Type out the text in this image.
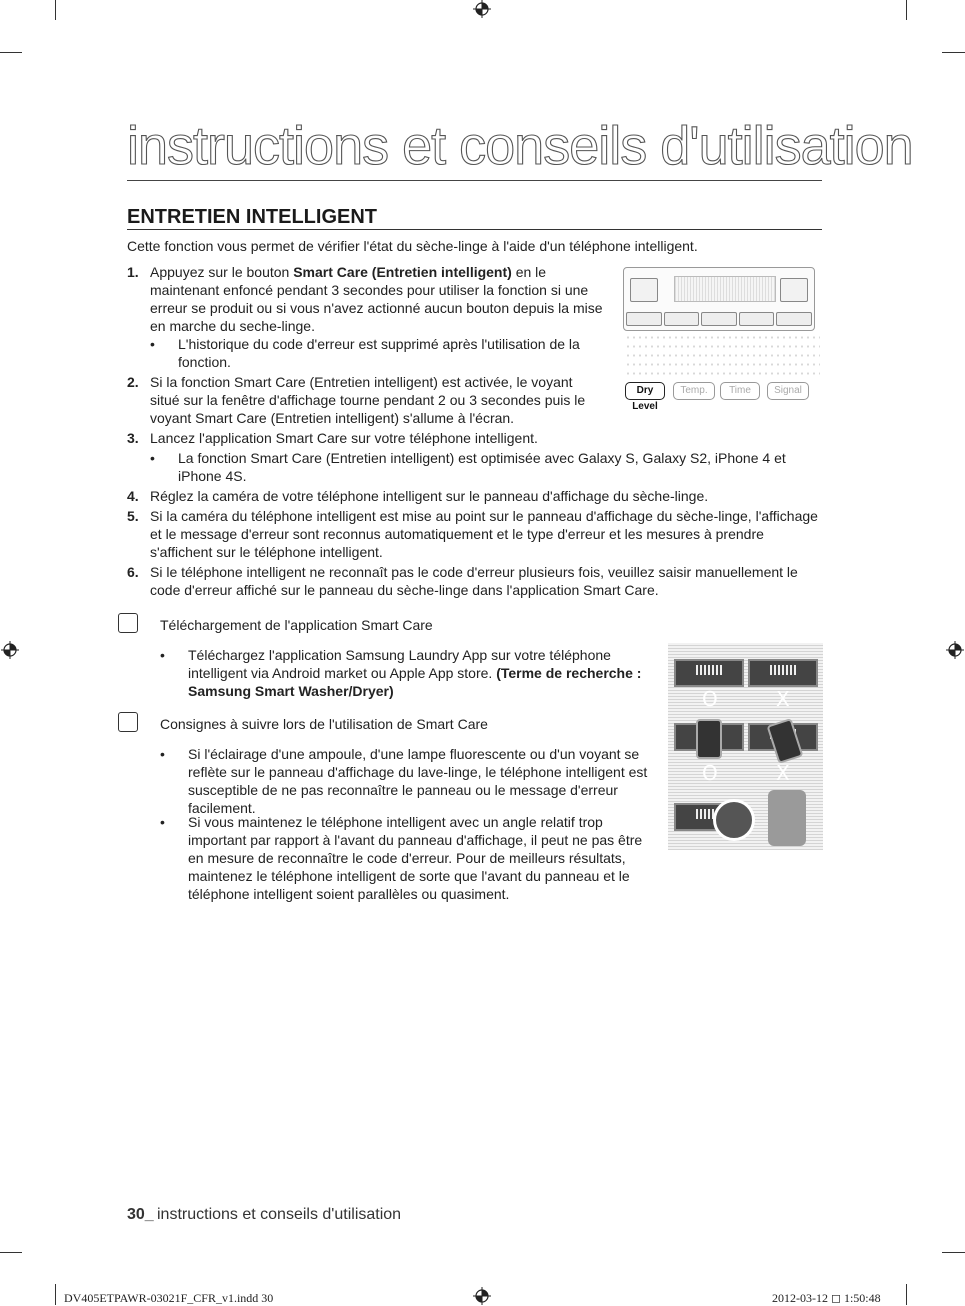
instructions et conseils d'utilisation
ENTRETIEN INTELLIGENT
Cette fonction vous permet de vérifier l'état du sèche-linge à l'aide d'un téléphone intelligent.
1. Appuyez sur le bouton Smart Care (Entretien intelligent) en le maintenant enfoncé pendant 3 secondes pour utiliser la fonction si une erreur se produit ou si vous n'avez actionné aucun bouton depuis la mise en marche du seche-linge.
• L'historique du code d'erreur est supprimé après l'utilisation de la fonction.
2. Si la fonction Smart Care (Entretien intelligent) est activée, le voyant situé sur la fenêtre d'affichage tourne pendant 2 ou 3 secondes puis le voyant Smart Care (Entretien intelligent) s'allume à l'écran.
3. Lancez l'application Smart Care sur votre téléphone intelligent.
• La fonction Smart Care (Entretien intelligent) est optimisée avec Galaxy S, Galaxy S2, iPhone 4 et iPhone 4S.
4. Réglez la caméra de votre téléphone intelligent sur le panneau d'affichage du sèche-linge.
5. Si la caméra du téléphone intelligent est mise au point sur le panneau d'affichage du sèche-linge, l'affichage et le message d'erreur sont reconnus automatiquement et le type d'erreur et les mesures à prendre s'affichent sur le téléphone intelligent.
6. Si le téléphone intelligent ne reconnaît pas le code d'erreur plusieurs fois, veuillez saisir manuellement le code d'erreur affiché sur le panneau du sèche-linge dans l'application Smart Care.
Dry Level
Temp.	Time	Signal
Téléchargement de l'application Smart Care
• Téléchargez l'application Samsung Laundry App sur votre téléphone intelligent via Android market ou Apple App store. (Terme de recherche : Samsung Smart Washer/Dryer)
Consignes à suivre lors de l'utilisation de Smart Care
• Si l'éclairage d'une ampoule, d'une lampe fluorescente ou d'un voyant se reflète sur le panneau d'affichage du lave-linge, le téléphone intelligent est susceptible de ne pas reconnaître le panneau ou le message d'erreur facilement.
• Si vous maintenez le téléphone intelligent avec un angle relatif trop important par rapport à l'avant du panneau d'affichage, il peut ne pas être en mesure de reconnaître le code d'erreur. Pour de meilleurs résultats, maintenez le téléphone intelligent de sorte que l'avant du panneau et le téléphone intelligent soient parallèles ou quasiment.
O	X
O	X
30_ instructions et conseils d'utilisation
DV405ETPAWR-03021F_CFR_v1.indd 30	2012-03-12 ◻ 1:50:48
